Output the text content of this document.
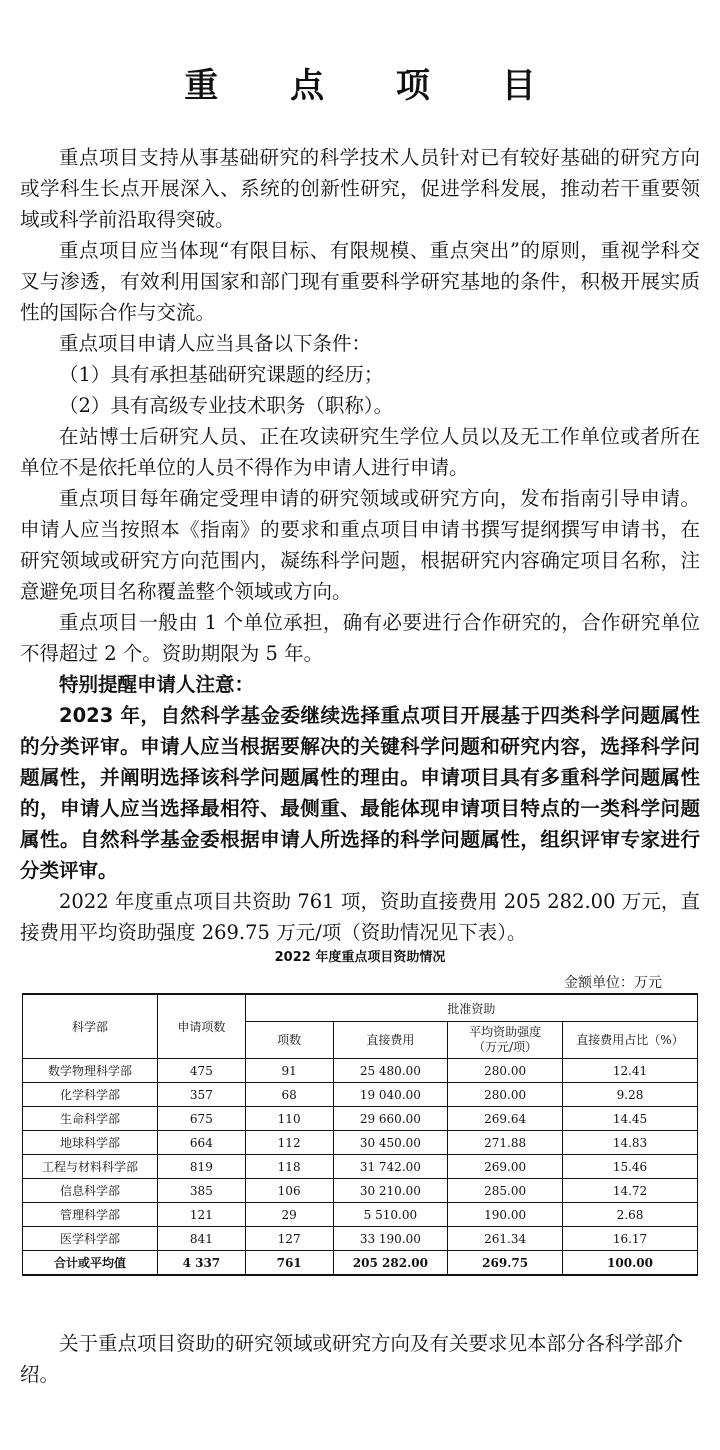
重 点 项 目

重点项目支持从事基础研究的科学技术人员针对已有较好基础的研究方向或学科生长点开展深入、系统的创新性研究，促进学科发展，推动若干重要领域或科学前沿取得突破。

重点项目应当体现“有限目标、有限规模、重点突出”的原则，重视学科交叉与渗透，有效利用国家和部门现有重要科学研究基地的条件，积极开展实质性的国际合作与交流。

重点项目申请人应当具备以下条件：

（1）具有承担基础研究课题的经历；

（2）具有高级专业技术职务（职称）。

在站博士后研究人员、正在攻读研究生学位人员以及无工作单位或者所在单位不是依托单位的人员不得作为申请人进行申请。

重点项目每年确定受理申请的研究领域或研究方向，发布指南引导申请。申请人应当按照本《指南》的要求和重点项目申请书撰写提纲撰写申请书，在研究领域或研究方向范围内，凝练科学问题，根据研究内容确定项目名称，注意避免项目名称覆盖整个领域或方向。

重点项目一般由 1 个单位承担，确有必要进行合作研究的，合作研究单位不得超过 2 个。资助期限为 5 年。

特别提醒申请人注意：

2023 年，自然科学基金委继续选择重点项目开展基于四类科学问题属性的分类评审。申请人应当根据要解决的关键科学问题和研究内容，选择科学问题属性，并阐明选择该科学问题属性的理由。申请项目具有多重科学问题属性的，申请人应当选择最相符、最侧重、最能体现申请项目特点的一类科学问题属性。自然科学基金委根据申请人所选择的科学问题属性，组织评审专家进行分类评审。

2022 年度重点项目共资助 761 项，资助直接费用 205 282.00 万元，直接费用平均资助强度 269.75 万元/项（资助情况见下表）。

2022 年度重点项目资助情况
金额单位：万元
科学部	申请项数	批准资助			
		项数	直接费用	平均资助强度
（万元/项）	直接费用占比（%）
数学物理科学部	475	91	25 480.00	280.00	12.41
化学科学部	357	68	19 040.00	280.00	9.28
生命科学部	675	110	29 660.00	269.64	14.45
地球科学部	664	112	30 450.00	271.88	14.83
工程与材料科学部	819	118	31 742.00	269.00	15.46
信息科学部	385	106	30 210.00	285.00	14.72
管理科学部	121	29	5 510.00	190.00	2.68
医学科学部	841	127	33 190.00	261.34	16.17
合计或平均值	4 337	761	205 282.00	269.75	100.00

关于重点项目资助的研究领域或研究方向及有关要求见本部分各科学部介绍。
